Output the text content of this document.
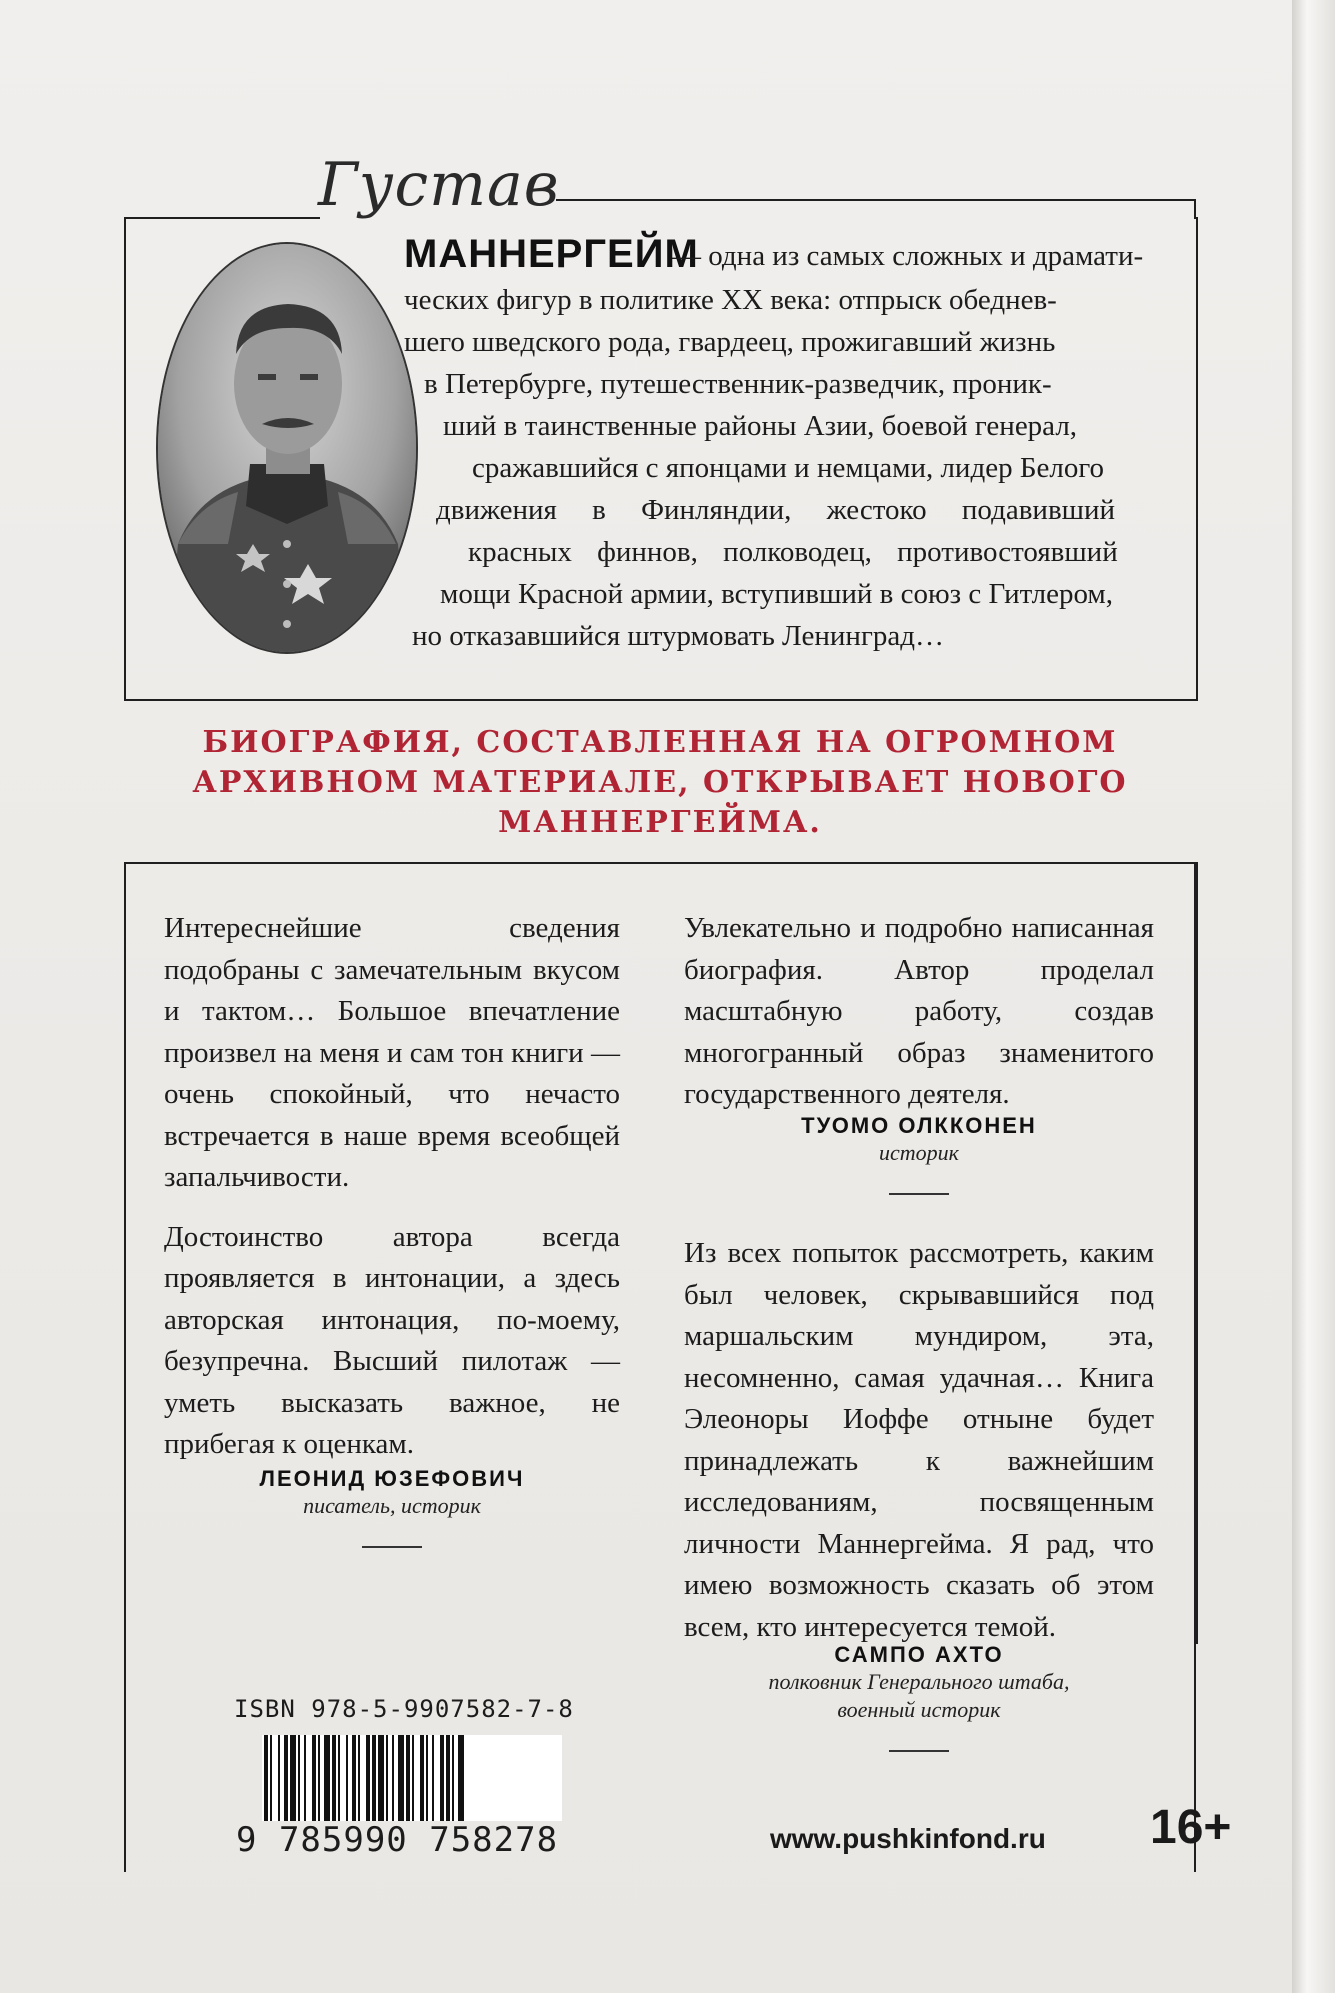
Густав
МАННЕРГЕЙМ
— одна из самых сложных и драмати-
ческих фигур в политике XX века: отпрыск обеднев-
шего шведского рода, гвардеец, прожигавший жизнь
в Петербурге, путешественник-разведчик, проник-
ший в таинственные районы Азии, боевой генерал,
сражавшийся с японцами и немцами, лидер Белого
движения в Финляндии, жестоко подавивший
красных финнов, полководец, противостоявший
мощи Красной армии, вступивший в союз с Гитлером,
но отказавшийся штурмовать Ленинград…
БИОГРАФИЯ, СОСТАВЛЕННАЯ НА ОГРОМНОМ
АРХИВНОМ МАТЕРИАЛЕ, ОТКРЫВАЕТ НОВОГО
МАННЕРГЕЙМА.

Интереснейшие сведения подобраны с замечательным вкусом и тактом… Большое впечатление произвел на меня и сам тон книги — очень спокойный, что нечасто встречается в наше время всеобщей запальчивости.

Достоинство автора всегда проявляется в интонации, а здесь авторская интонация, по-моему, безупречна. Высший пилотаж — уметь высказать важное, не прибегая к оценкам.

ЛЕОНИД ЮЗЕФОВИЧ
писатель, историк

Увлекательно и подробно написанная биография. Автор проделал масштабную работу, создав многогранный образ знаменитого государственного деятеля.

ТУОМО ОЛККОНЕН
историк

Из всех попыток рассмотреть, каким был человек, скрывавшийся под маршальским мундиром, эта, несомненно, самая удачная… Книга Элеоноры Иоффе отныне будет принадлежать к важнейшим исследованиям, посвященным личности Маннергейма. Я рад, что имею возможность сказать об этом всем, кто интересуется темой.

САМПО АХТО
полковник Генерального штаба,
военный историк
ISBN 978-5-9907582-7-8
9 785990 758278	www.pushkinfond.ru 16+
